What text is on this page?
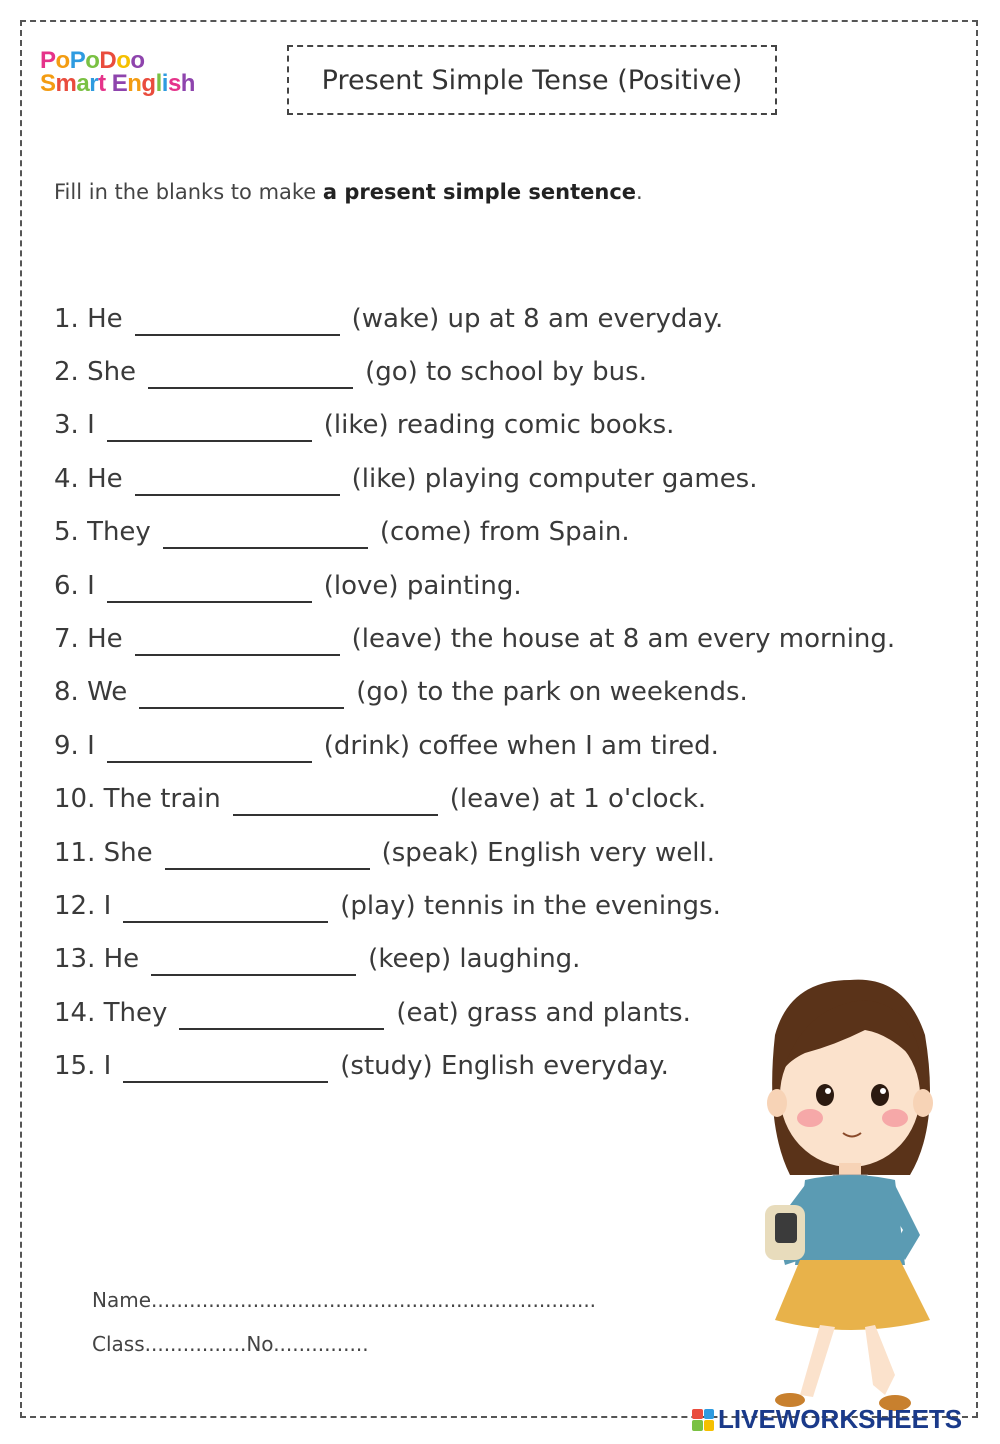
PoPoDoo
Smart English	Present Simple Tense (Positive)
Fill in the blanks to make a present simple sentence.
1. He	(wake) up at 8 am everyday.
2. She	(go) to school by bus.
3. I	(like) reading comic books.
4. He	(like) playing computer games.
5. They	(come) from Spain.
6. I	(love) painting.
7. He	(leave) the house at 8 am every morning.
8. We	(go) to the park on weekends.
9. I	(drink) coffee when I am tired.
10. The train	(leave) at 1 o'clock.
11. She	(speak) English very well.
12. I	(play) tennis in the evenings.
13. He	(keep) laughing.
14. They	(eat) grass and plants.
15. I	(study) English everyday.
Name......................................................................
Class................No...............
LIVEWORKSHEETS
